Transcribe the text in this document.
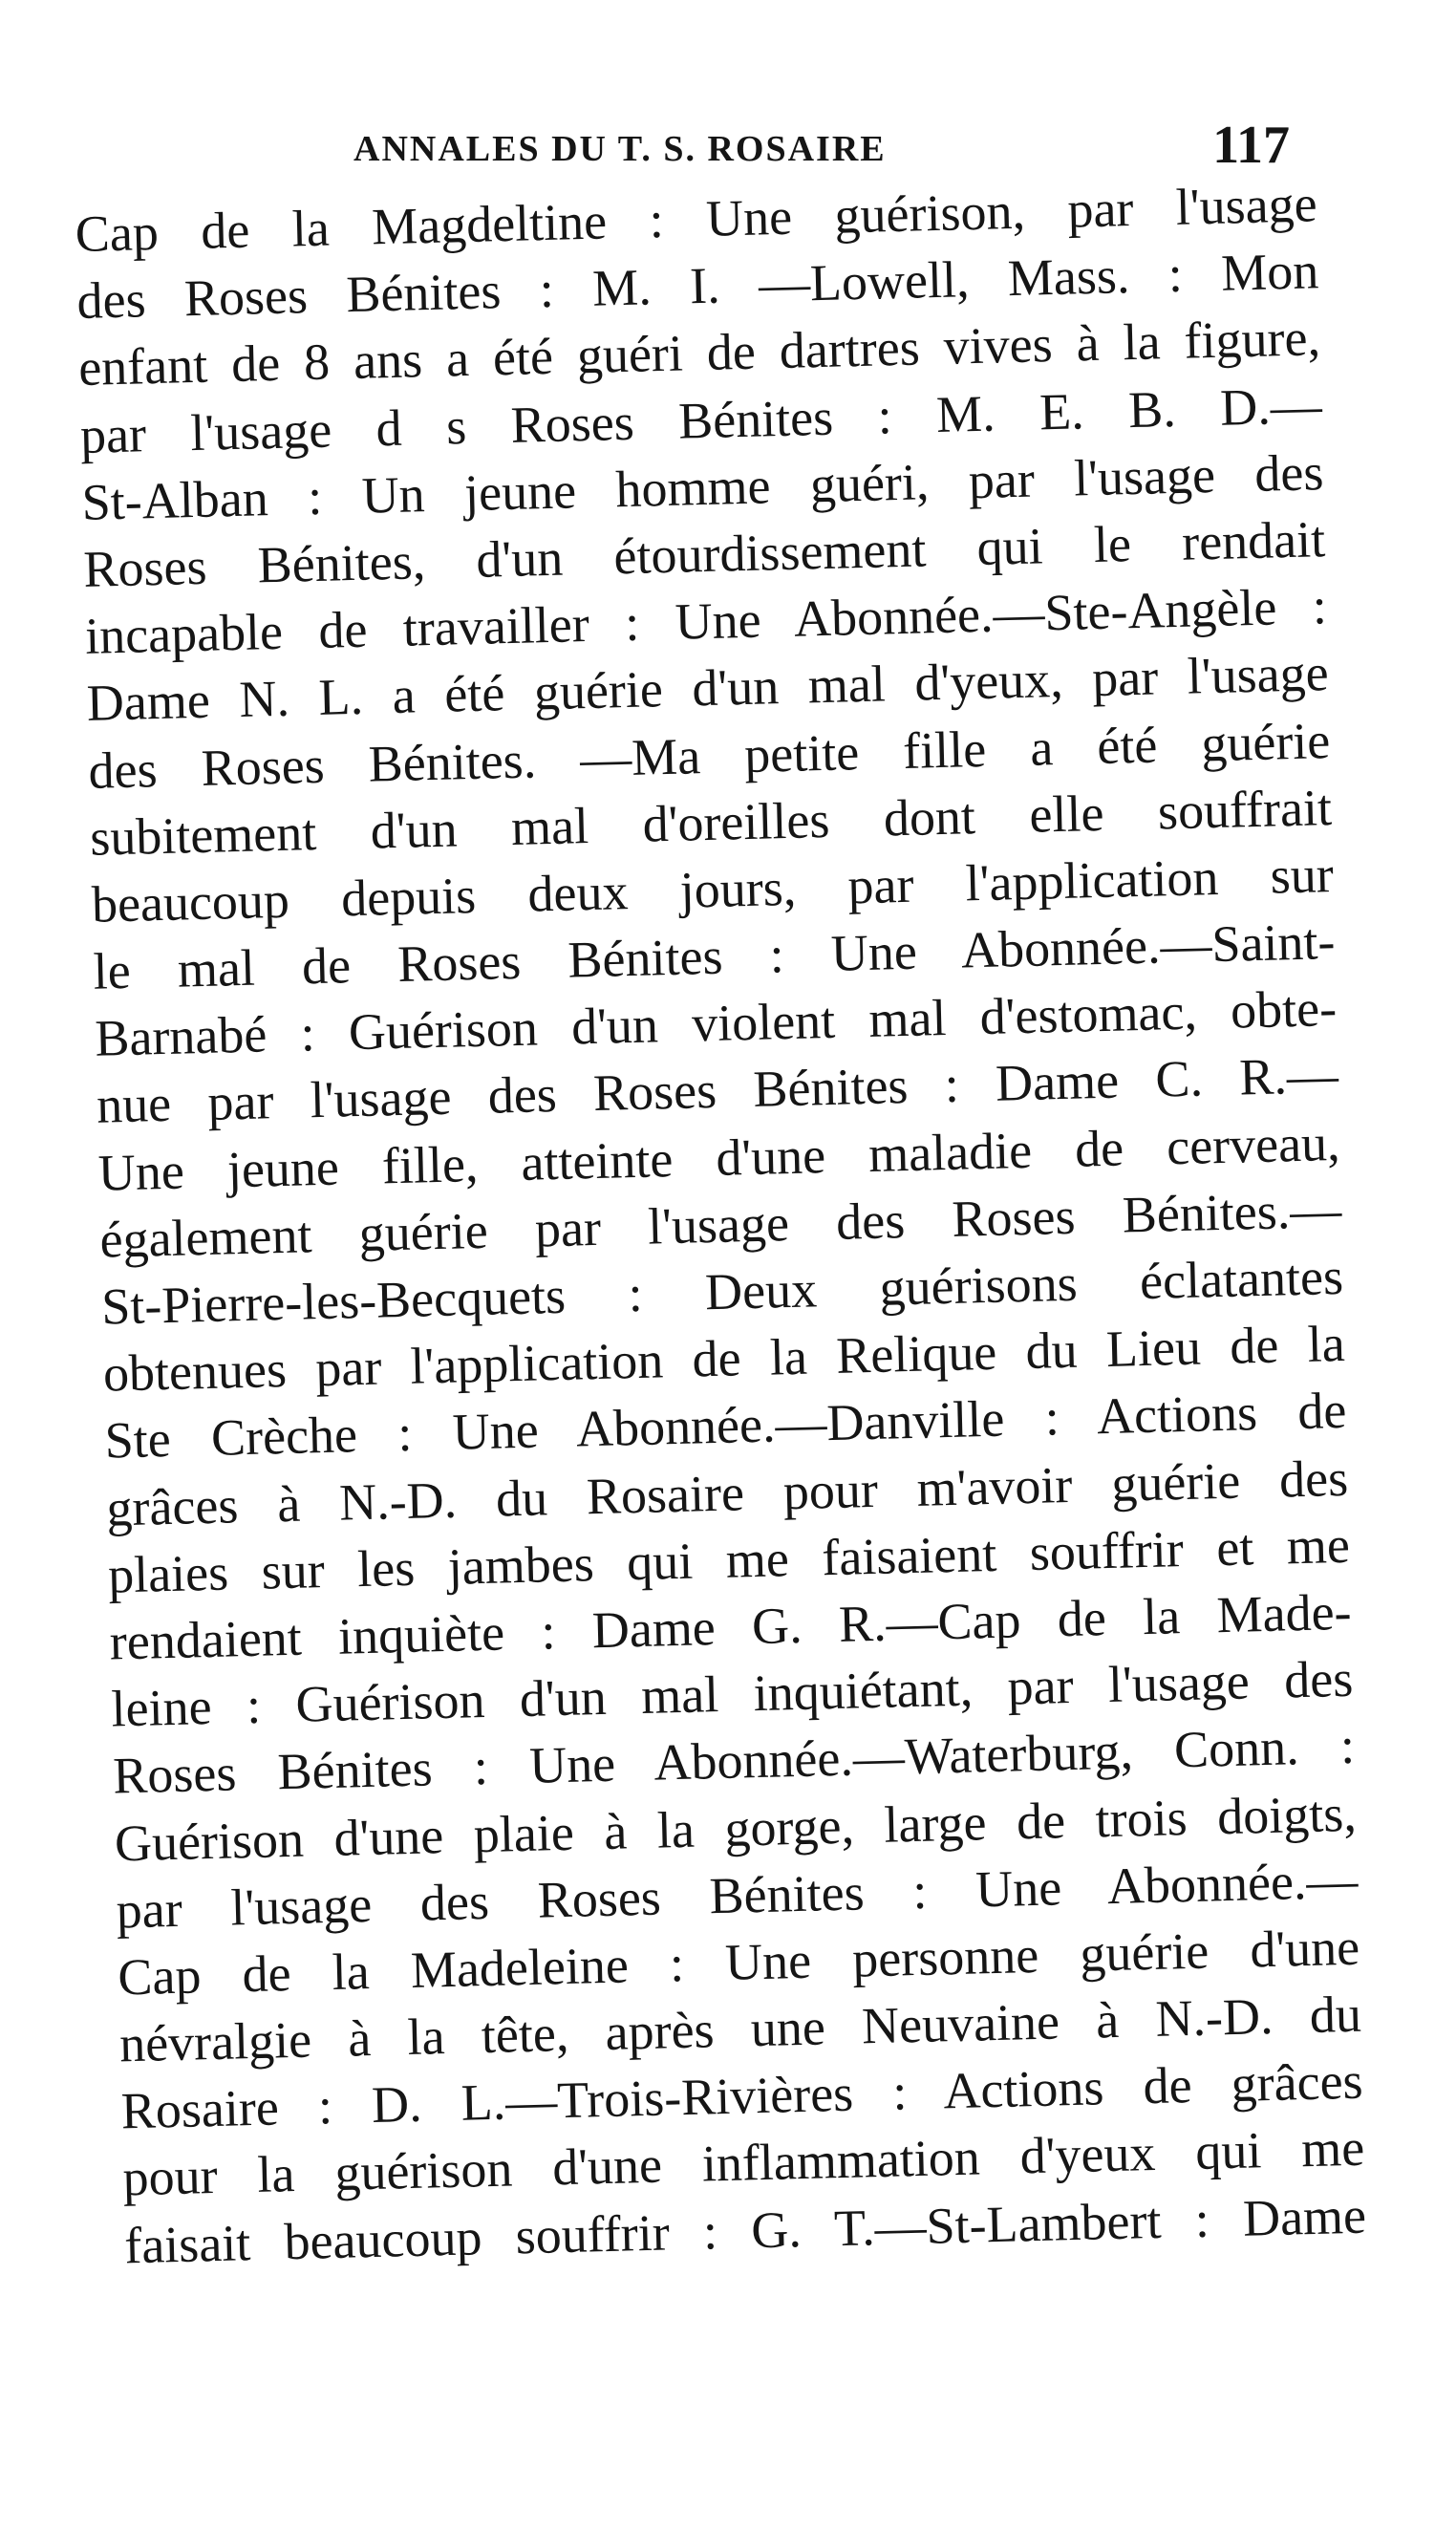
ANNALES DU T. S. ROSAIRE	117
Cap de la Magdeltine : Une guérison, par l'usage
des Roses Bénites : M. I. —Lowell, Mass. : Mon
enfant de 8 ans a été guéri de dartres vives à la figure,
par l'usage d s Roses Bénites : M. E. B. D.—
St-Alban : Un jeune homme guéri, par l'usage des
Roses Bénites, d'un étourdissement qui le rendait
incapable de travailler : Une Abonnée.—Ste-Angèle :
Dame N. L. a été guérie d'un mal d'yeux, par l'usage
des Roses Bénites. —Ma petite fille a été guérie
subitement d'un mal d'oreilles dont elle souffrait
beaucoup depuis deux jours, par l'application sur
le mal de Roses Bénites : Une Abonnée.—Saint-
Barnabé : Guérison d'un violent mal d'estomac, obte-
nue par l'usage des Roses Bénites : Dame C. R.—
Une jeune fille, atteinte d'une maladie de cerveau,
également guérie par l'usage des Roses Bénites.—
St-Pierre-les-Becquets : Deux guérisons éclatantes
obtenues par l'application de la Relique du Lieu de la
Ste Crèche : Une Abonnée.—Danville : Actions de
grâces à N.-D. du Rosaire pour m'avoir guérie des
plaies sur les jambes qui me faisaient souffrir et me
rendaient inquiète : Dame G. R.—Cap de la Made-
leine : Guérison d'un mal inquiétant, par l'usage des
Roses Bénites : Une Abonnée.—Waterburg, Conn. :
Guérison d'une plaie à la gorge, large de trois doigts,
par l'usage des Roses Bénites : Une Abonnée.—
Cap de la Madeleine : Une personne guérie d'une
névralgie à la tête, après une Neuvaine à N.-D. du
Rosaire : D. L.—Trois-Rivières : Actions de grâces
pour la guérison d'une inflammation d'yeux qui me
faisait beaucoup souffrir : G. T.—St-Lambert : Dame
